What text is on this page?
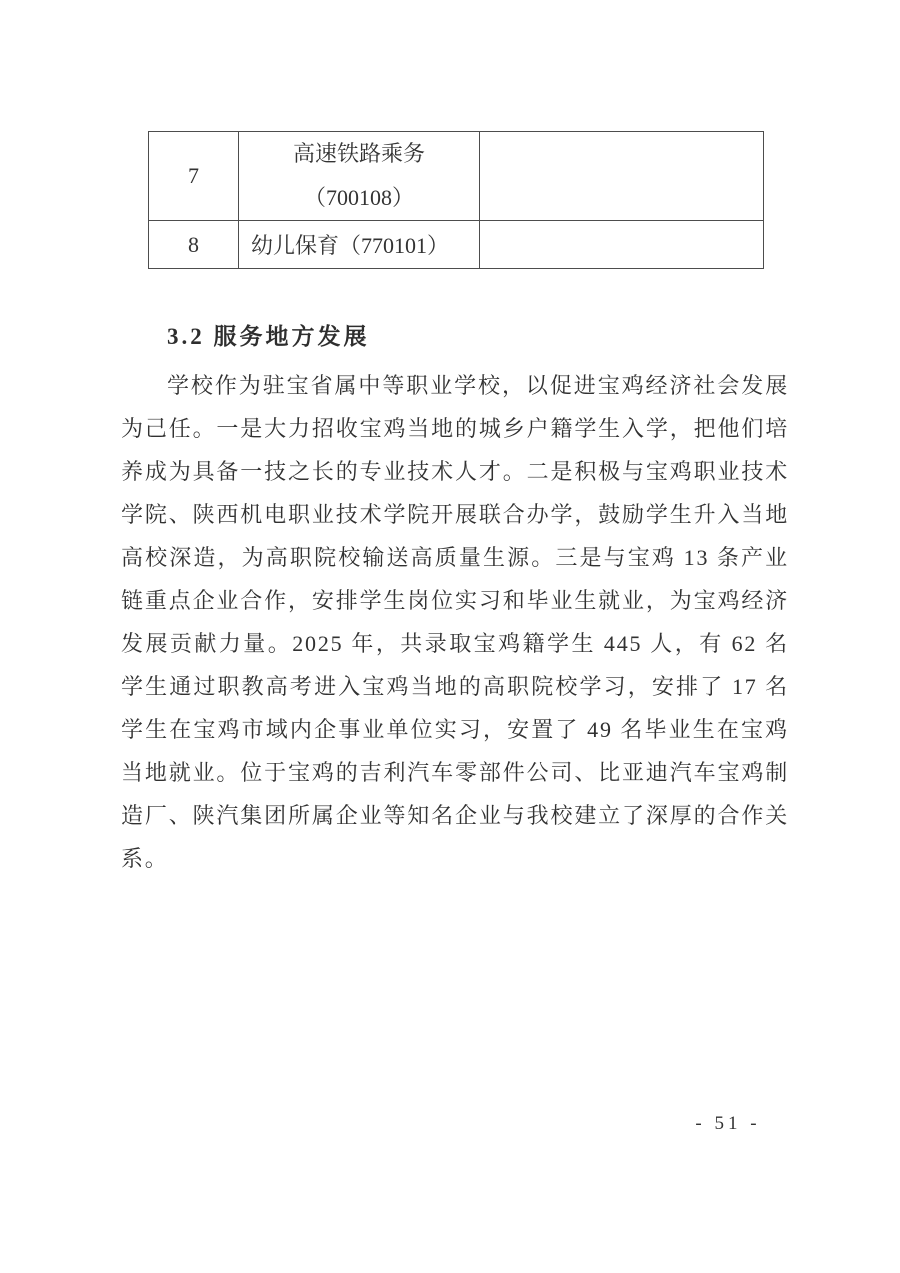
7	高速铁路乘务
（700108）	

8	幼儿保育（770101）	
3.2 服务地方发展

学校作为驻宝省属中等职业学校，以促进宝鸡经济社会发展为己任。一是大力招收宝鸡当地的城乡户籍学生入学，把他们培养成为具备一技之长的专业技术人才。二是积极与宝鸡职业技术学院、陕西机电职业技术学院开展联合办学，鼓励学生升入当地高校深造，为高职院校输送高质量生源。三是与宝鸡 13 条产业链重点企业合作，安排学生岗位实习和毕业生就业，为宝鸡经济发展贡献力量。2025 年，共录取宝鸡籍学生 445 人，有 62 名学生通过职教高考进入宝鸡当地的高职院校学习，安排了 17 名学生在宝鸡市域内企事业单位实习，安置了 49 名毕业生在宝鸡当地就业。位于宝鸡的吉利汽车零部件公司、比亚迪汽车宝鸡制造厂、陕汽集团所属企业等知名企业与我校建立了深厚的合作关系。

- 51 -
